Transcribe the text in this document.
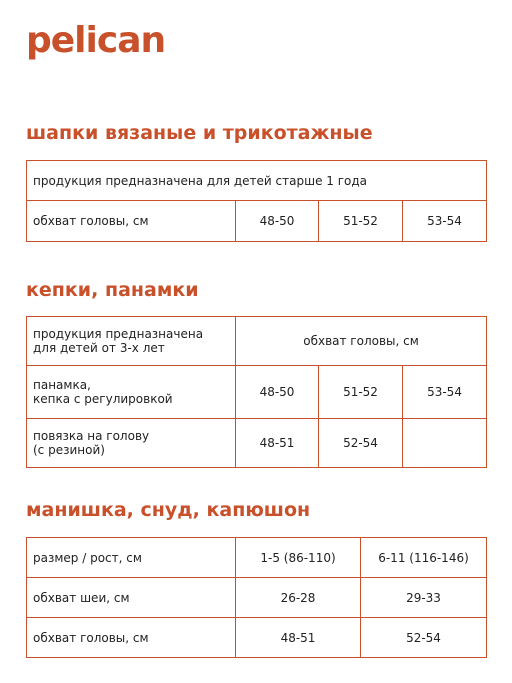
pelican
шапки вязаные и трикотажные
продукция предназначена для детей старше 1 года
обхват головы, см	48-50	51-52	53-54
кепки, панамки
продукция предназначена
для детей от 3-х лет	обхват головы, см		

панамка,
кепка с регулировкой	48-50	51-52	53-54

повязка на голову
(с резиной)	48-51	52-54	
манишка, снуд, капюшон
размер / рост, см	1-5 (86-110)	6-11 (116-146)
обхват шеи, см	26-28	29-33
обхват головы, см	48-51	52-54
